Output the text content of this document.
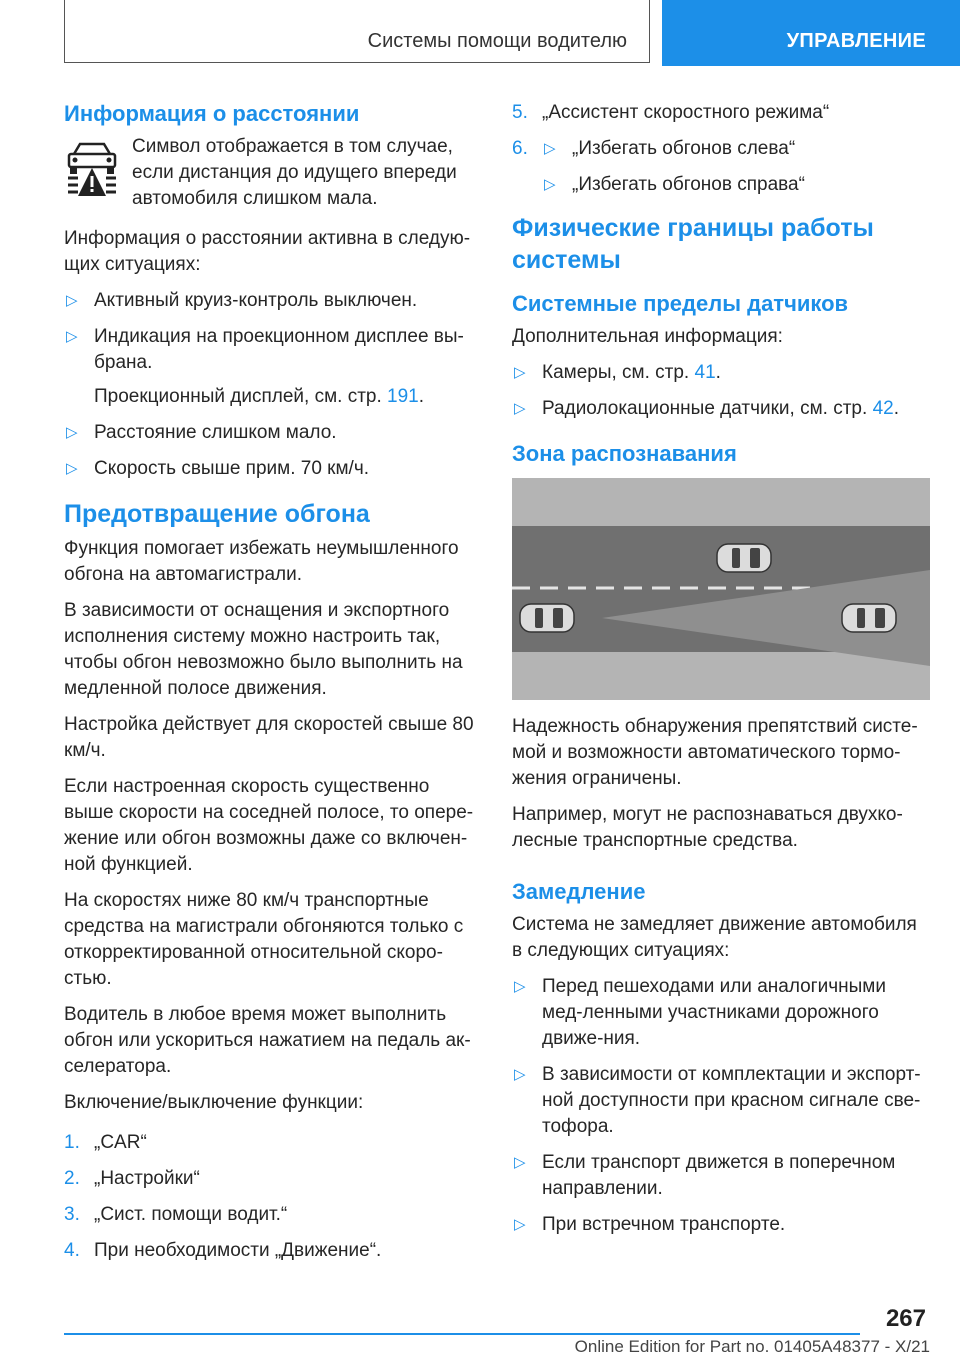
Системы помощи водителю	УПРАВЛЕНИЕ
Информация о расстоянии
Символ отображается в том случае, если дистанция до идущего впереди автомобиля слишком мала.

Информация о расстоянии активна в следую-щих ситуациях:

▷ Активный круиз-контроль выключен.
▷ Индикация на проекционном дисплее вы-брана.
Проекционный дисплей, см. стр. 191.
▷ Расстояние слишком мало.
▷ Скорость свыше прим. 70 км/ч.
Предотвращение обгона

Функция помогает избежать неумышленного обгона на автомагистрали.

В зависимости от оснащения и экспортного исполнения систему можно настроить так, чтобы обгон невозможно было выполнить на медленной полосе движения.

Настройка действует для скоростей свыше 80 км/ч.

Если настроенная скорость существенно выше скорости на соседней полосе, то опере-жение или обгон возможны даже со включен-ной функцией.

На скоростях ниже 80 км/ч транспортные средства на магистрали обгоняются только с откорректированной относительной скоро-стью.

Водитель в любое время может выполнить обгон или ускориться нажатием на педаль ак-селератора.

Включение/выключение функции:

1. „CAR“
2. „Настройки“
3. „Сист. помощи водит.“
4. При необходимости „Движение“.
5. „Ассистент скоростного режима“
6. ▷ „Избегать обгонов слева“
▷ „Избегать обгонов справа“
Физические границы работы системы
Системные пределы датчиков

Дополнительная информация:

▷ Камеры, см. стр. 41.
▷ Радиолокационные датчики, см. стр. 42.
Зона распознавания

Надежность обнаружения препятствий систе-мой и возможности автоматического тормо-жения ограничены.

Например, могут не распознаваться двухко-лесные транспортные средства.

Замедление

Система не замедляет движение автомобиля в следующих ситуациях:

▷ Перед пешеходами или аналогичными мед-ленными участниками дорожного движе-ния.
▷ В зависимости от комплектации и экспорт-ной доступности при красном сигнале све-тофора.
▷ Если транспорт движется в поперечном направлении.
▷ При встречном транспорте.
267
Online Edition for Part no. 01405A48377 - X/21
